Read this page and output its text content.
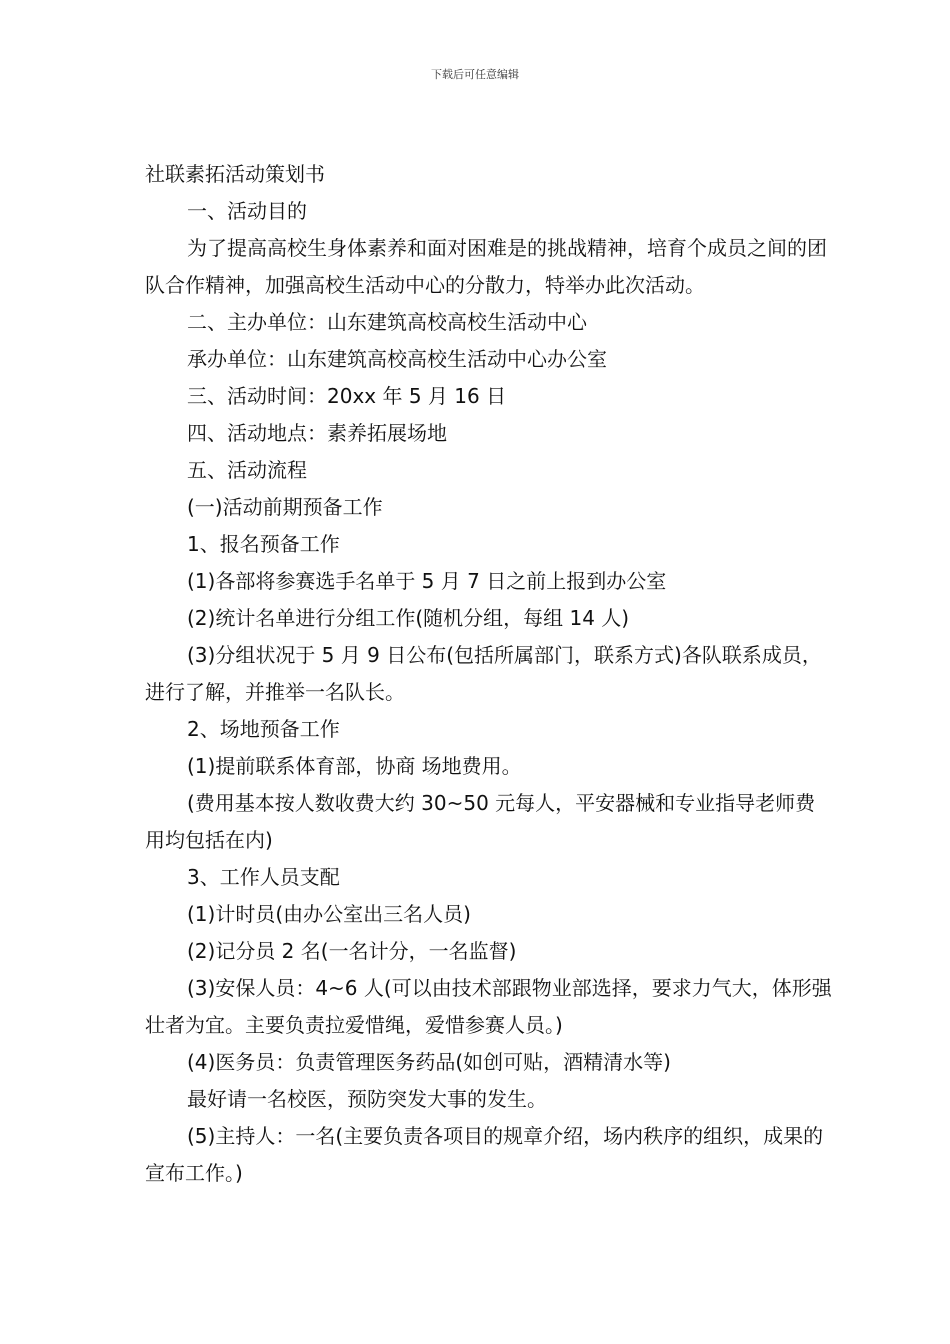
下载后可任意编辑

社联素拓活动策划书

一、活动目的

为了提高高校生身体素养和面对困难是的挑战精神，培育个成员之间的团队合作精神，加强高校生活动中心的分散力，特举办此次活动。

二、主办单位：山东建筑高校高校生活动中心

承办单位：山东建筑高校高校生活动中心办公室

三、活动时间：20xx 年 5 月 16 日

四、活动地点：素养拓展场地

五、活动流程

(一)活动前期预备工作

1、报名预备工作

(1)各部将参赛选手名单于 5 月 7 日之前上报到办公室

(2)统计名单进行分组工作(随机分组，每组 14 人)

(3)分组状况于 5 月 9 日公布(包括所属部门，联系方式)各队联系成员，进行了解，并推举一名队长。

2、场地预备工作

(1)提前联系体育部，协商 场地费用。

(费用基本按人数收费大约 30~50 元每人，平安器械和专业指导老师费用均包括在内)

3、工作人员支配

(1)计时员(由办公室出三名人员)

(2)记分员 2 名(一名计分，一名监督)

(3)安保人员：4~6 人(可以由技术部跟物业部选择，要求力气大，体形强壮者为宜。主要负责拉爱惜绳，爱惜参赛人员。)

(4)医务员：负责管理医务药品(如创可贴，酒精清水等)

最好请一名校医，预防突发大事的发生。

(5)主持人：一名(主要负责各项目的规章介绍，场内秩序的组织，成果的宣布工作。)
